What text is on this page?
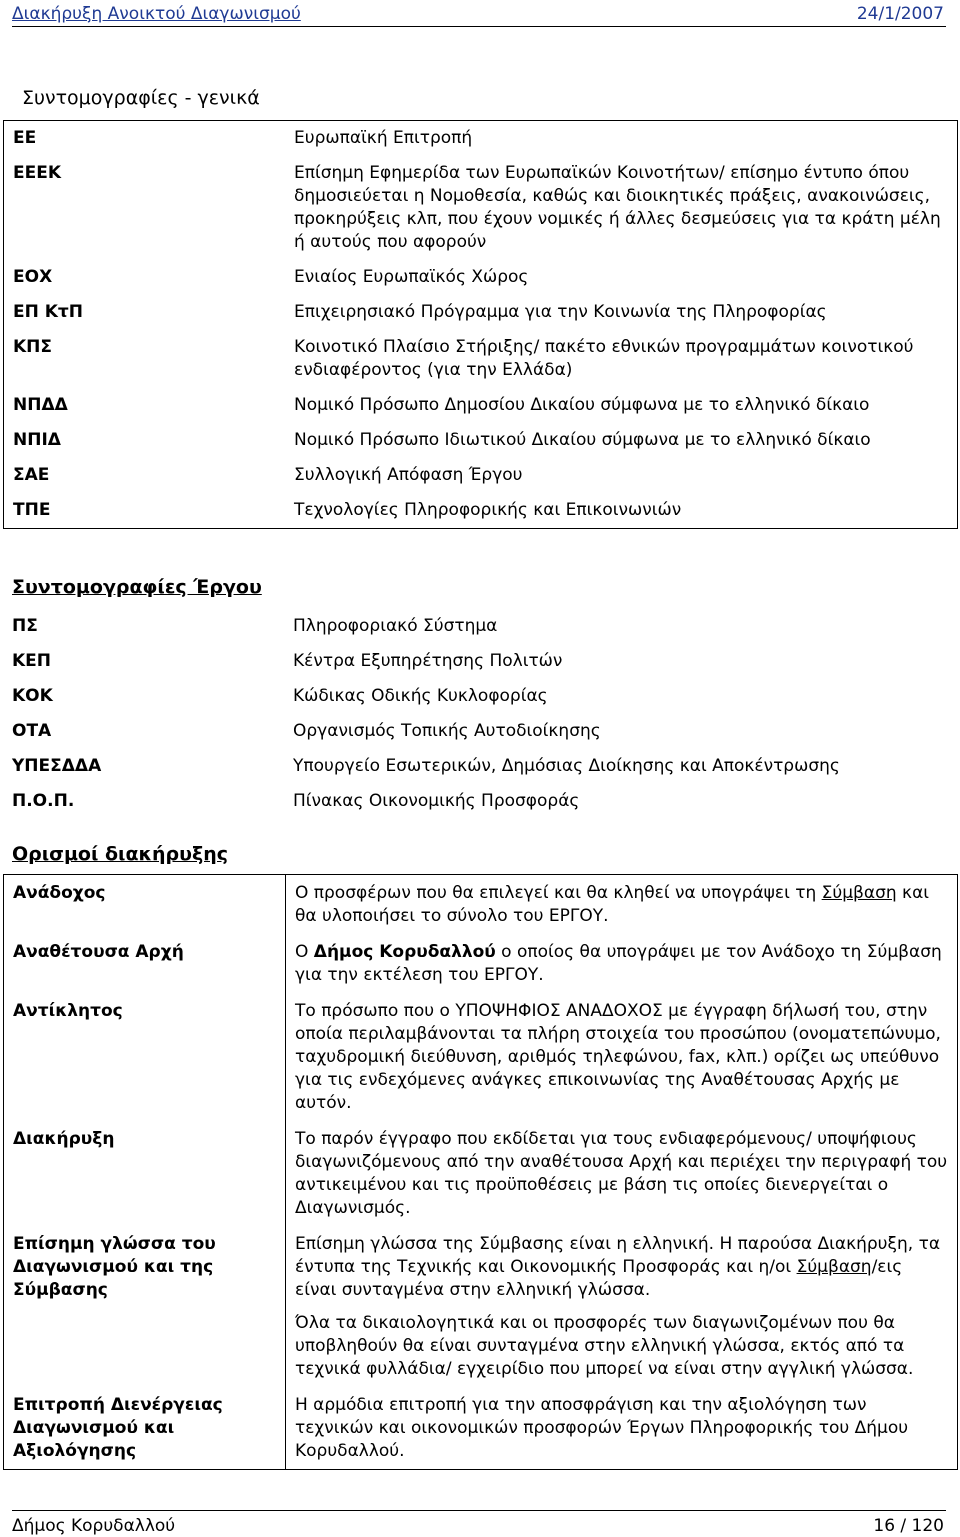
Διακήρυξη Ανοικτού Διαγωνισμού	24/1/2007
Συντομογραφίες - γενικά
ΕΕ	Ευρωπαϊκή Επιτροπή
ΕΕΕΚ	Επίσημη Εφημερίδα των Ευρωπαϊκών Κοινοτήτων/ επίσημο έντυπο όπου δημοσιεύεται η Νομοθεσία, καθώς και διοικητικές πράξεις, ανακοινώσεις, προκηρύξεις κλπ, που έχουν νομικές ή άλλες δεσμεύσεις για τα κράτη μέλη ή αυτούς που αφορούν
ΕΟΧ	Ενιαίος Ευρωπαϊκός Χώρος
ΕΠ ΚτΠ	Επιχειρησιακό Πρόγραμμα για την Κοινωνία της Πληροφορίας
ΚΠΣ	Κοινοτικό Πλαίσιο Στήριξης/ πακέτο εθνικών προγραμμάτων κοινοτικού ενδιαφέροντος (για την Ελλάδα)
ΝΠΔΔ	Νομικό Πρόσωπο Δημοσίου Δικαίου σύμφωνα με το ελληνικό δίκαιο
ΝΠΙΔ	Νομικό Πρόσωπο Ιδιωτικού Δικαίου σύμφωνα με το ελληνικό δίκαιο
ΣΑΕ	Συλλογική Απόφαση Έργου
ΤΠΕ	Τεχνολογίες Πληροφορικής και Επικοινωνιών
Συντομογραφίες Έργου
ΠΣ	Πληροφοριακό Σύστημα
ΚΕΠ	Κέντρα Εξυπηρέτησης Πολιτών
ΚΟΚ	Κώδικας Οδικής Κυκλοφορίας
ΟΤΑ	Οργανισμός Τοπικής Αυτοδιοίκησης
ΥΠΕΣΔΔΑ	Υπουργείο Εσωτερικών, Δημόσιας Διοίκησης και Αποκέντρωσης
Π.Ο.Π.	Πίνακας Οικονομικής Προσφοράς
Ορισμοί διακήρυξης
Ανάδοχος	Ο προσφέρων που θα επιλεγεί και θα κληθεί να υπογράψει τη Σύμβαση και θα υλοποιήσει το σύνολο του ΕΡΓΟΥ.
Αναθέτουσα Αρχή	Ο Δήμος Κορυδαλλού ο οποίος θα υπογράψει με τον Ανάδοχο τη Σύμβαση για την εκτέλεση του ΕΡΓΟΥ.
Αντίκλητος	Το πρόσωπο που ο ΥΠΟΨΗΦΙΟΣ ΑΝΑΔΟΧΟΣ με έγγραφη δήλωσή του, στην οποία περιλαμβάνονται τα πλήρη στοιχεία του προσώπου (ονοματεπώνυμο, ταχυδρομική διεύθυνση, αριθμός τηλεφώνου, fax, κλπ.) ορίζει ως υπεύθυνο για τις ενδεχόμενες ανάγκες επικοινωνίας της Αναθέτουσας Αρχής με αυτόν.
Διακήρυξη	Το παρόν έγγραφο που εκδίδεται για τους ενδιαφερόμενους/ υποψήφιους διαγωνιζόμενους από την αναθέτουσα Αρχή και περιέχει την περιγραφή του αντικειμένου και τις προϋποθέσεις με βάση τις οποίες διενεργείται ο Διαγωνισμός.
Επίσημη γλώσσα του Διαγωνισμού και της Σύμβασης	Επίσημη γλώσσα της Σύμβασης είναι η ελληνική. Η παρούσα Διακήρυξη, τα έντυπα της Τεχνικής και Οικονομικής Προσφοράς και η/οι Σύμβαση/εις είναι συνταγμένα στην ελληνική γλώσσα.
Όλα τα δικαιολογητικά και οι προσφορές των διαγωνιζομένων που θα υποβληθούν θα είναι συνταγμένα στην ελληνική γλώσσα, εκτός από τα τεχνικά φυλλάδια/ εγχειρίδιο που μπορεί να είναι στην αγγλική γλώσσα.

Επιτροπή Διενέργειας Διαγωνισμού και Αξιολόγησης	Η αρμόδια επιτροπή για την αποσφράγιση και την αξιολόγηση των τεχνικών και οικονομικών προσφορών Έργων Πληροφορικής του Δήμου Κορυδαλλού.
Δήμος Κορυδαλλού	16 / 120
